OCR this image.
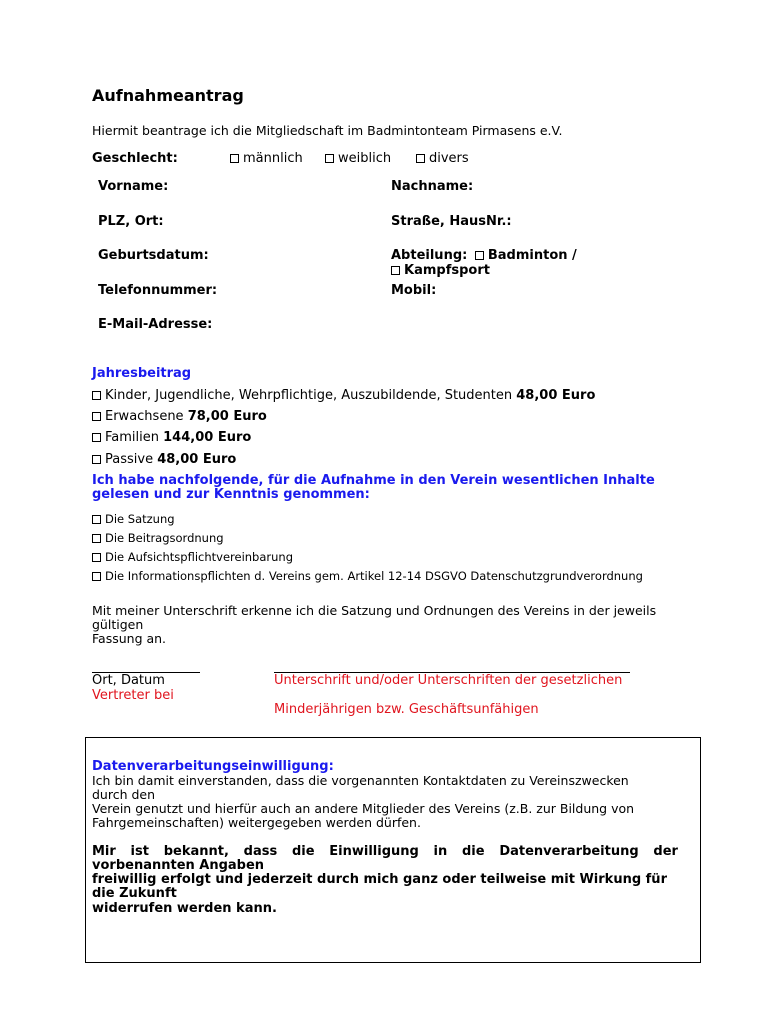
Aufnahmeantrag
Hiermit beantrage ich die Mitgliedschaft im Badmintonteam Pirmasens e.V.
Geschlecht:	männlich	weiblich	divers
Vorname:	Nachname:
PLZ, Ort:	Straße, HausNr.:
Geburtsdatum:	Abteilung: Badminton /
Kampfsport
Telefonnummer:	Mobil:
E-Mail-Adresse:
Jahresbeitrag
Kinder, Jugendliche, Wehrpflichtige, Auszubildende, Studenten 48,00 Euro
Erwachsene 78,00 Euro
Familien 144,00 Euro
Passive 48,00 Euro
Ich habe nachfolgende, für die Aufnahme in den Verein wesentlichen Inhalte
gelesen und zur Kenntnis genommen:
Die Satzung
Die Beitragsordnung
Die Aufsichtspflichtvereinbarung
Die Informationspflichten d. Vereins gem. Artikel 12-14 DSGVO Datenschutzgrundverordnung
Mit meiner Unterschrift erkenne ich die Satzung und Ordnungen des Vereins in der jeweils
gültigen
Fassung an.
Ort, Datum
Vertreter bei
Unterschrift und/oder Unterschriften der gesetzlichen
Minderjährigen bzw. Geschäftsunfähigen
Datenverarbeitungseinwilligung:
Ich bin damit einverstanden, dass die vorgenannten Kontaktdaten zu Vereinszwecken
durch den
Verein genutzt und hierfür auch an andere Mitglieder des Vereins (z.B. zur Bildung von
Fahrgemeinschaften) weitergegeben werden dürfen.
Mir ist bekannt, dass die Einwilligung in die Datenverarbeitung der
vorbenannten Angaben
freiwillig erfolgt und jederzeit durch mich ganz oder teilweise mit Wirkung für
die Zukunft
widerrufen werden kann.
